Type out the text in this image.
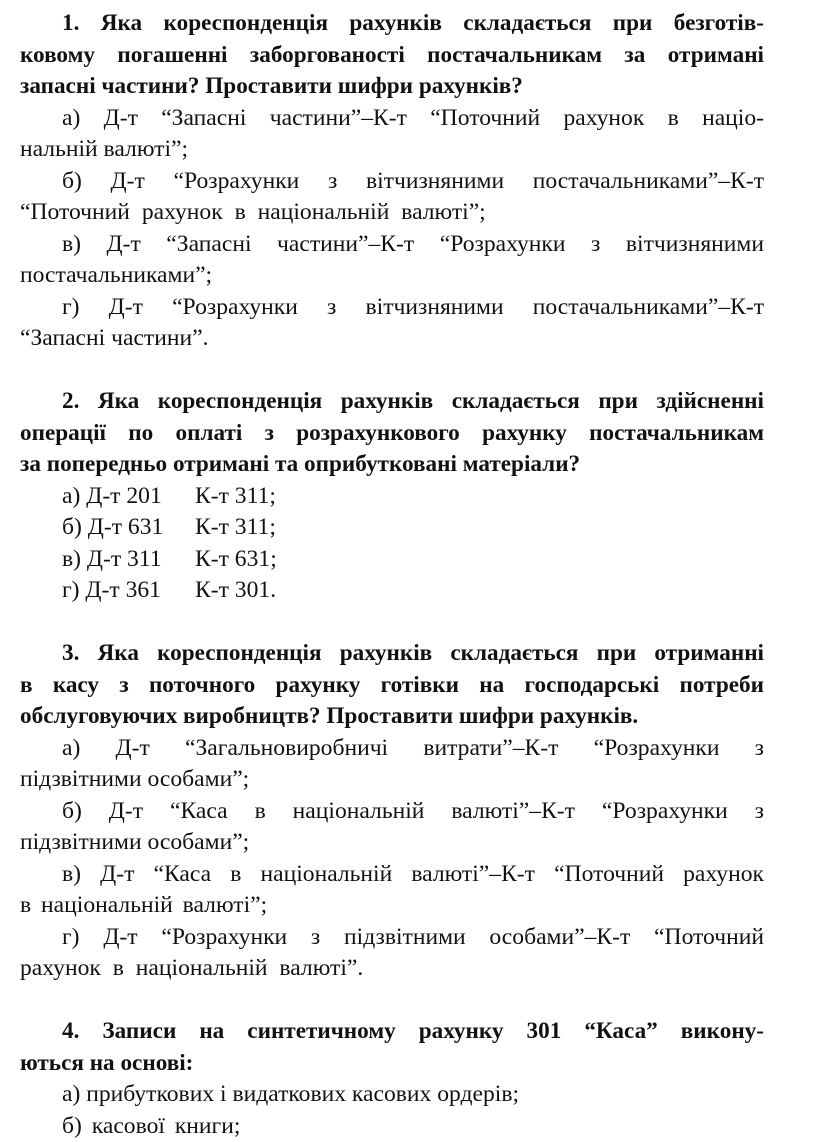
1. Яка кореспонденція рахунків складається при безготів-
ковому погашенні заборгованості постачальникам за отримані
запасні частини? Проставити шифри рахунків?
а) Д-т “Запасні частини”–К-т “Поточний рахунок в націо-
нальній валюті”;
б) Д-т “Розрахунки з вітчизняними постачальниками”–К-т
“Поточний рахунок в національній валюті”;
в) Д-т “Запасні частини”–К-т “Розрахунки з вітчизняними
постачальниками”;
г) Д-т “Розрахунки з вітчизняними постачальниками”–К-т
“Запасні частини”.
2. Яка кореспонденція рахунків складається при здійсненні
операції по оплаті з розрахункового рахунку постачальникам
за попередньо отримані та оприбутковані матеріали?
а) Д-т 201 К-т 311;
б) Д-т 631 К-т 311;
в) Д-т 311 К-т 631;
г) Д-т 361 К-т 301.
3. Яка кореспонденція рахунків складається при отриманні
в касу з поточного рахунку готівки на господарські потреби
обслуговуючих виробництв? Проставити шифри рахунків.
а) Д-т “Загальновиробничі витрати”–К-т “Розрахунки з
підзвітними особами”;
б) Д-т “Каса в національній валюті”–К-т “Розрахунки з
підзвітними особами”;
в) Д-т “Каса в національній валюті”–К-т “Поточний рахунок
в національній валюті”;
г) Д-т “Розрахунки з підзвітними особами”–К-т “Поточний
рахунок в національній валюті”.
4. Записи на синтетичному рахунку 301 “Каса” викону-
ються на основі:
а) прибуткових і видаткових касових ордерів;
б) касової книги;
